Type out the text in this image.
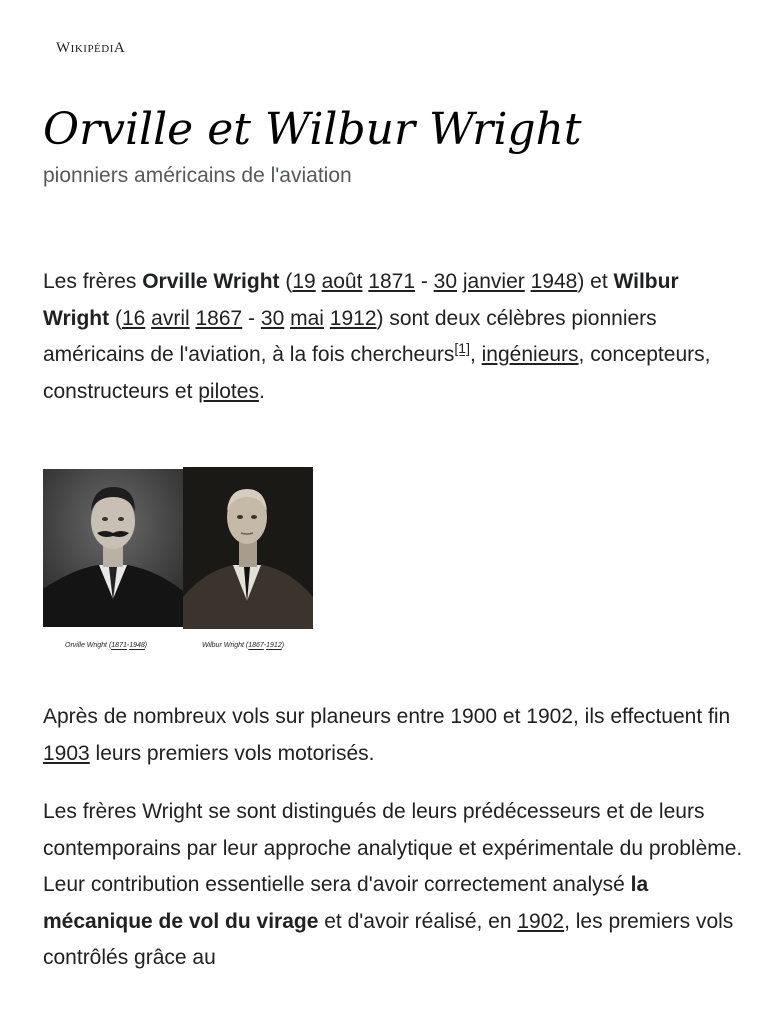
WIKIPÉDIA
Orville et Wilbur Wright

pionniers américains de l'aviation

Les frères Orville Wright (19 août 1871 - 30 janvier 1948) et Wilbur Wright (16 avril 1867 - 30 mai 1912) sont deux célèbres pionniers américains de l'aviation, à la fois chercheurs[1], ingénieurs, concepteurs, constructeurs et pilotes.

Orville Wright (1871-1948)	Wilbur Wright (1867-1912)

Après de nombreux vols sur planeurs entre 1900 et 1902, ils effectuent fin 1903 leurs premiers vols motorisés.

Les frères Wright se sont distingués de leurs prédécesseurs et de leurs contemporains par leur approche analytique et expérimentale du problème. Leur contribution essentielle sera d'avoir correctement analysé la mécanique de vol du virage et d'avoir réalisé, en 1902, les premiers vols contrôlés grâce au
